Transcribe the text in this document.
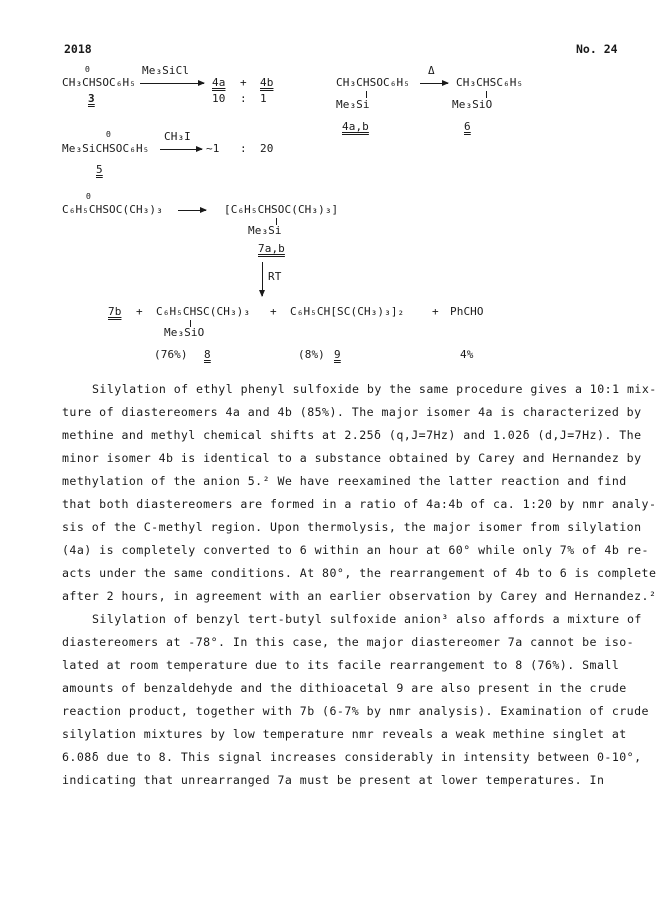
2018	No. 24
Θ
CH₃CHSOC₆H₅
Me₃SiCl
→ 4a + 4b
10 : 1
3
Θ
Me₃SiCHSOC₆H₅
CH₃I
→ ~1 : 20
5
CH₃CHSOC₆H₅
Me₃Si
Δ
→ CH₃CHSC₆H₅
Me₃SiO
4a,b	6
Θ
C₆H₅CHSOC(CH₃)₃ → [C₆H₅CHSOC(CH₃)₃]
Me₃Si
7a,b
RT
7b + C₆H₅CHSC(CH₃)₃
Me₃SiO
+ C₆H₅CH[SC(CH₃)₃]₂	+ PhCHO
(76%) 8	(8%) 9	4%
Silylation of ethyl phenyl sulfoxide by the same procedure gives a 10:1 mix-
ture of diastereomers 4a and 4b (85%). The major isomer 4a is characterized by
methine and methyl chemical shifts at 2.25δ (q,J=7Hz) and 1.02δ (d,J=7Hz). The
minor isomer 4b is identical to a substance obtained by Carey and Hernandez by
methylation of the anion 5.² We have reexamined the latter reaction and find
that both diastereomers are formed in a ratio of 4a:4b of ca. 1:20 by nmr analy-
sis of the C-methyl region. Upon thermolysis, the major isomer from silylation
(4a) is completely converted to 6 within an hour at 60° while only 7% of 4b re-
acts under the same conditions. At 80°, the rearrangement of 4b to 6 is complete
after 2 hours, in agreement with an earlier observation by Carey and Hernandez.²
Silylation of benzyl tert-butyl sulfoxide anion³ also affords a mixture of
diastereomers at -78°. In this case, the major diastereomer 7a cannot be iso-
lated at room temperature due to its facile rearrangement to 8 (76%). Small
amounts of benzaldehyde and the dithioacetal 9 are also present in the crude
reaction product, together with 7b (6-7% by nmr analysis). Examination of crude
silylation mixtures by low temperature nmr reveals a weak methine singlet at
6.08δ due to 8. This signal increases considerably in intensity between 0-10°,
indicating that unrearranged 7a must be present at lower temperatures. In
